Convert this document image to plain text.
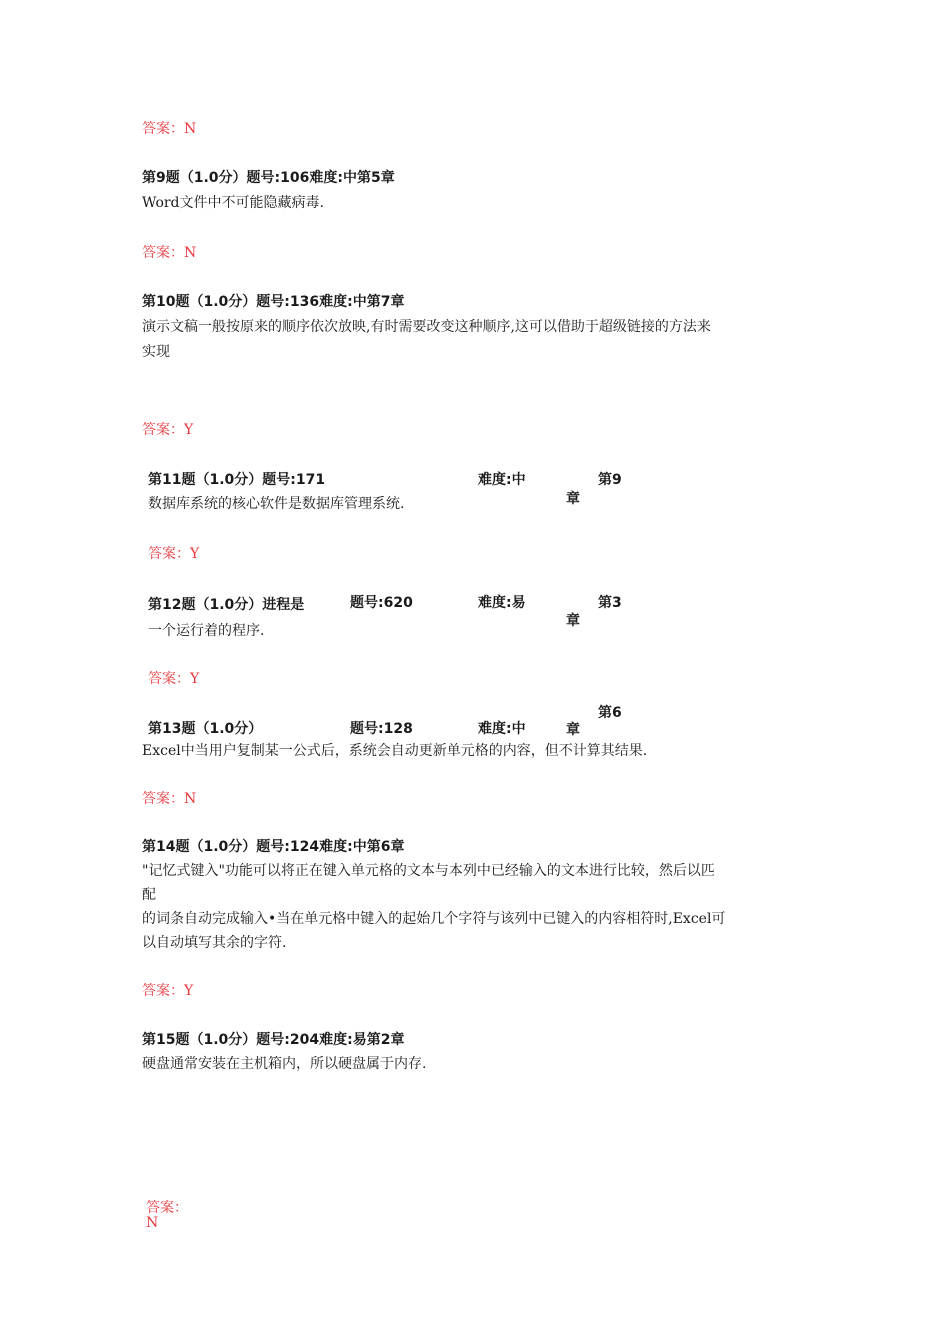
答案：N
第9题（1.0分）题号:106难度:中第5章
Word文件中不可能隐藏病毒.
答案：N
第10题（1.0分）题号:136难度:中第7章
演示文稿一般按原来的顺序依次放映,有时需要改变这种顺序,这可以借助于超级链接的方法来
实现
答案：Y
第11题（1.0分）题号:171	难度:中	第9
章
数据库系统的核心软件是数据库管理系统.
答案：Y
第12题（1.0分）进程是	题号:620	难度:易	第3
章
一个运行着的程序.
答案：Y
第6
第13题（1.0分）	题号:128	难度:中	章
Excel中当用户复制某一公式后，系统会自动更新单元格的内容，但不计算其结果.
答案：N
第14题（1.0分）题号:124难度:中第6章
"记忆式键入"功能可以将正在键入单元格的文本与本列中已经输入的文本进行比较，然后以匹
配
的词条自动完成输入•当在单元格中键入的起始几个字符与该列中已键入的内容相符时,Excel可
以自动填写其余的字符.
答案：Y
第15题（1.0分）题号:204难度:易第2章
硬盘通常安装在主机箱内，所以硬盘属于内存.
答案：
N
